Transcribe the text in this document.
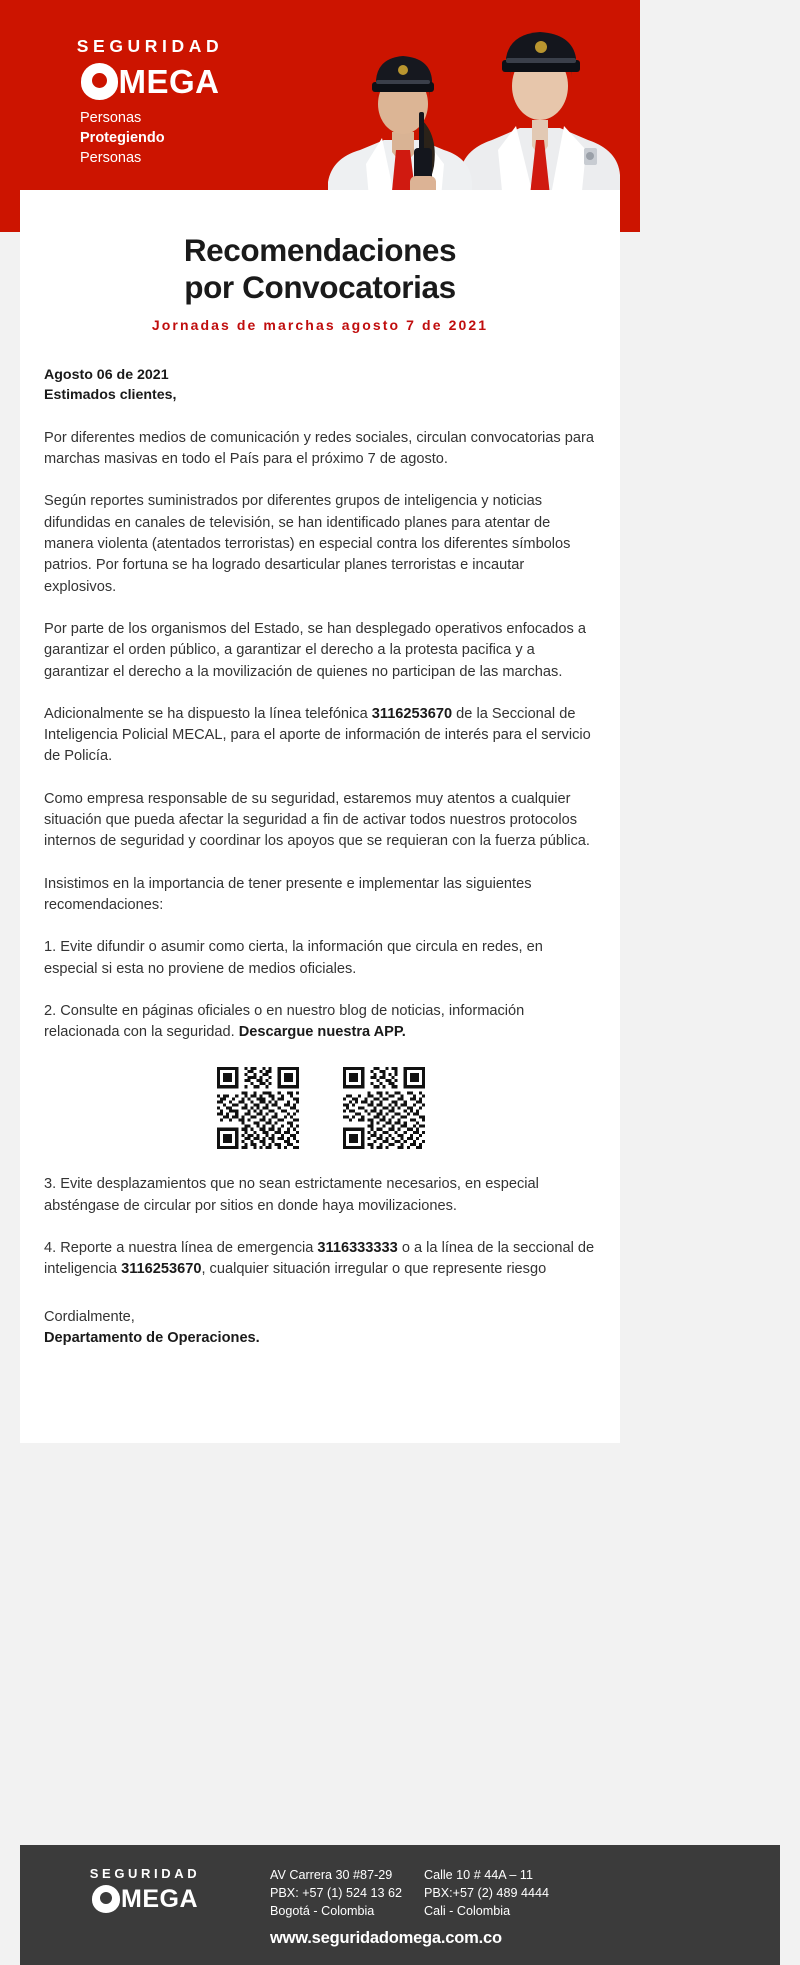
SEGURIDAD
MEGA
Personas
Protegiendo
Personas
Recomendaciones
por Convocatorias
Jornadas de marchas agosto 7 de 2021
Agosto 06 de 2021
Estimados clientes,

Por diferentes medios de comunicación y redes sociales, circulan convocatorias para marchas masivas en todo el País para el próximo 7 de agosto.

Según reportes suministrados por diferentes grupos de inteligencia y noticias difundidas en canales de televisión, se han identificado planes para atentar de manera violenta (atentados terroristas) en especial contra los diferentes símbolos patrios. Por fortuna se ha logrado desarticular planes terroristas e incautar explosivos.

Por parte de los organismos del Estado, se han desplegado operativos enfocados a garantizar el orden público, a garantizar el derecho a la protesta pacifica y a garantizar el derecho a la movilización de quienes no participan de las marchas.

Adicionalmente se ha dispuesto la línea telefónica 3116253670 de la Seccional de Inteligencia Policial MECAL, para el aporte de información de interés para el servicio de Policía.

Como empresa responsable de su seguridad, estaremos muy atentos a cualquier situación que pueda afectar la seguridad a fin de activar todos nuestros protocolos internos de seguridad y coordinar los apoyos que se requieran con la fuerza pública.

Insistimos en la importancia de tener presente e implementar las siguientes recomendaciones:

1. Evite difundir o asumir como cierta, la información que circula en redes, en especial si esta no proviene de medios oficiales.

2. Consulte en páginas oficiales o en nuestro blog de noticias, información relacionada con la seguridad. Descargue nuestra APP.

3. Evite desplazamientos que no sean estrictamente necesarios, en especial absténgase de circular por sitios en donde haya movilizaciones.

4. Reporte a nuestra línea de emergencia 3116333333 o a la línea de la seccional de inteligencia 3116253670, cualquier situación irregular o que represente riesgo

Cordialmente,
Departamento de Operaciones.
SEGURIDAD
MEGA
AV Carrera 30 #87-29
PBX: +57 (1) 524 13 62
Bogotá - Colombia
Calle 10 # 44A – 11
PBX:+57 (2) 489 4444
Cali - Colombia
www.seguridadomega.com.co
